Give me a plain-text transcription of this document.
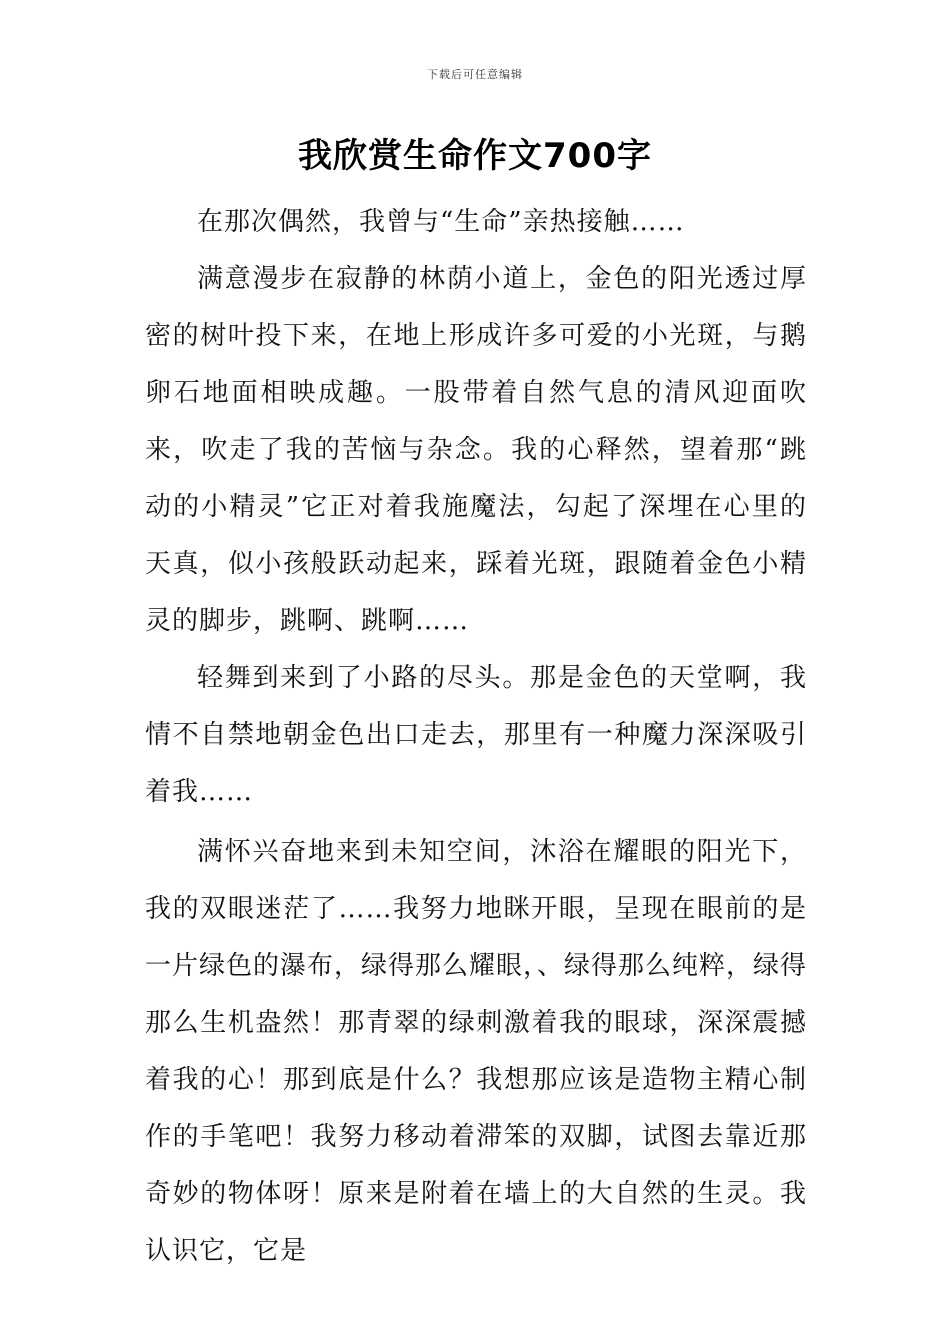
下载后可任意编辑
我欣赏生命作文700字

在那次偶然，我曾与“生命”亲热接触……

满意漫步在寂静的林荫小道上，金色的阳光透过厚密的树叶投下来，在地上形成许多可爱的小光斑，与鹅卵石地面相映成趣。一股带着自然气息的清风迎面吹来，吹走了我的苦恼与杂念。我的心释然，望着那“跳动的小精灵”它正对着我施魔法，勾起了深埋在心里的天真，似小孩般跃动起来，踩着光斑，跟随着金色小精灵的脚步，跳啊、跳啊……

轻舞到来到了小路的尽头。那是金色的天堂啊，我情不自禁地朝金色出口走去，那里有一种魔力深深吸引着我……

满怀兴奋地来到未知空间，沐浴在耀眼的阳光下，我的双眼迷茫了……我努力地眯开眼，呈现在眼前的是一片绿色的瀑布，绿得那么耀眼，、绿得那么纯粹，绿得那么生机盎然！那青翠的绿刺激着我的眼球，深深震撼着我的心！那到底是什么？我想那应该是造物主精心制作的手笔吧！我努力移动着滞笨的双脚，试图去靠近那奇妙的物体呀！原来是附着在墙上的大自然的生灵。我认识它，它是
